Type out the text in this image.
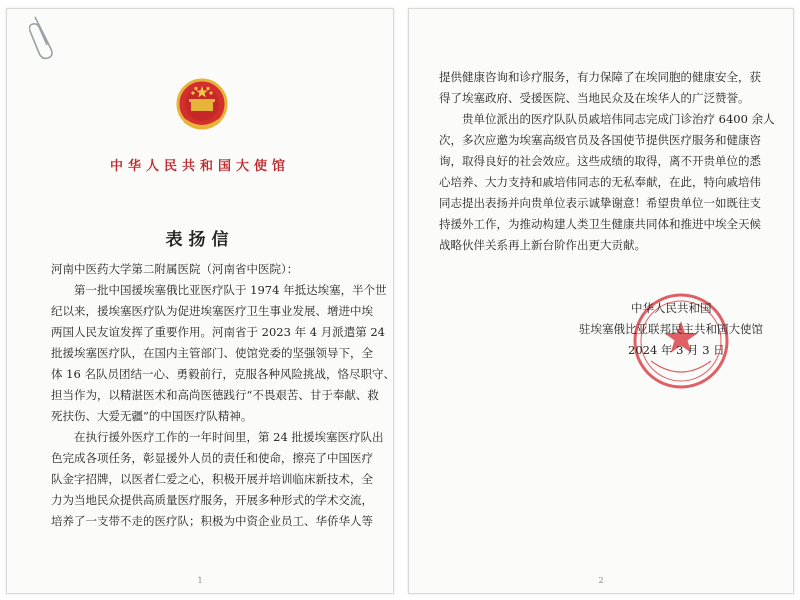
中华人民共和国大使馆
表扬信
河南中医药大学第二附属医院（河南省中医院）：
　　第一批中国援埃塞俄比亚医疗队于 1974 年抵达埃塞，半个世
纪以来，援埃塞医疗队为促进埃塞医疗卫生事业发展、增进中埃
两国人民友谊发挥了重要作用。河南省于 2023 年 4 月派遣第 24
批援埃塞医疗队，在国内主管部门、使馆党委的坚强领导下，全
体 16 名队员团结一心、勇毅前行，克服各种风险挑战，恪尽职守、
担当作为，以精湛医术和高尚医德践行“不畏艰苦、甘于奉献、救
死扶伤、大爱无疆”的中国医疗队精神。
　　在执行援外医疗工作的一年时间里，第 24 批援埃塞医疗队出
色完成各项任务，彰显援外人员的责任和使命，擦亮了中国医疗
队金字招牌，以医者仁爱之心，积极开展并培训临床新技术，全
力为当地民众提供高质量医疗服务，开展多种形式的学术交流，
培养了一支带不走的医疗队；积极为中资企业员工、华侨华人等
1
提供健康咨询和诊疗服务，有力保障了在埃同胞的健康安全，获
得了埃塞政府、受援医院、当地民众及在埃华人的广泛赞誉。
　　贵单位派出的医疗队队员戚培伟同志完成门诊治疗 6400 余人
次，多次应邀为埃塞高级官员及各国使节提供医疗服务和健康咨
询，取得良好的社会效应。这些成绩的取得，离不开贵单位的悉
心培养、大力支持和戚培伟同志的无私奉献，在此，特向戚培伟
同志提出表扬并向贵单位表示诚挚谢意！希望贵单位一如既往支
持援外工作，为推动构建人类卫生健康共同体和推进中埃全天候
战略伙伴关系再上新台阶作出更大贡献。
中华人民共和国
驻埃塞俄比亚联邦民主共和国大使馆
2024 年 3 月 3 日
2
